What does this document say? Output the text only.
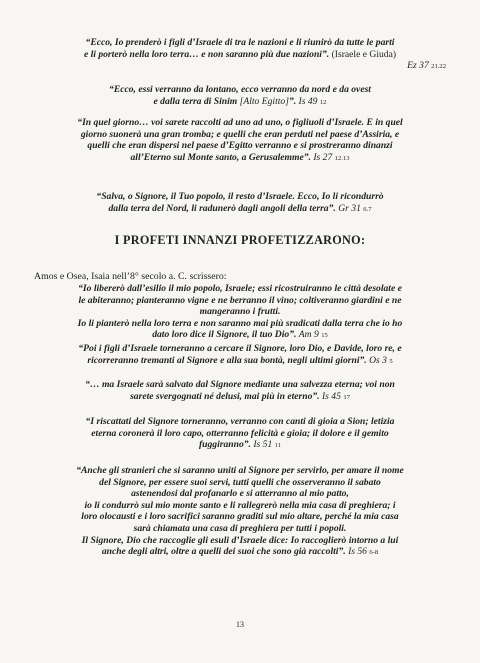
“Ecco, Io prenderò i figli d’Israele di tra le nazioni e li riunirò da tutte le parti
e li porterò nella loro terra… e non saranno più due nazioni”. (Israele e Giuda)
Ez 37 21.22

“Ecco, essi verranno da lontano, ecco verranno da nord e da ovest
e dalla terra di Sinim [Alto Egitto]”. Is 49 12

“In quel giorno… voi sarete raccolti ad uno ad uno, o figliuoli d’Israele. E in quel
giorno suonerà una gran tromba; e quelli che eran perduti nel paese d’Assiria, e
quelli che eran dispersi nel paese d’Egitto verranno e si prostreranno dinanzi
all’Eterno sul Monte santo, a Gerusalemme”. Is 27 12.13

“Salva, o Signore, il Tuo popolo, il resto d’Israele. Ecco, Io li ricondurrò
dalla terra del Nord, li radunerò dagli angoli della terra”. Gr 31 6.7

I PROFETI INNANZI PROFETIZZARONO:

Amos e Osea, Isaia nell’8° secolo a. C. scrissero:

“Io libererò dall’esilio il mio popolo, Israele; essi ricostruiranno le città desolate e
le abiteranno; pianteranno vigne e ne berranno il vino; coltiveranno giardini e ne
mangeranno i frutti.
Io li pianterò nella loro terra e non saranno mai più sradicati dalla terra che io ho
dato loro dice il Signore, il tuo Dio”. Am 9 15

“Poi i figli d’Israele torneranno a cercare il Signore, loro Dio, e Davide, loro re, e
ricorreranno tremanti al Signore e alla sua bontà, negli ultimi giorni”. Os 3 5

“… ma Israele sarà salvato dal Signore mediante una salvezza eterna; voi non
sarete svergognati né delusi, mai più in eterno”. Is 45 17

“I riscattati del Signore torneranno, verranno con canti di gioia a Sion; letizia
eterna coronerà il loro capo, otterranno felicità e gioia; il dolore e il gemito
fuggiranno”. Is 51 11

“Anche gli stranieri che si saranno uniti al Signore per servirlo, per amare il nome
del Signore, per essere suoi servi, tutti quelli che osserveranno il sabato
astenendosi dal profanarlo e si atterranno al mio patto,
io li condurrò sul mio monte santo e li rallegrerò nella mia casa di preghiera; i
loro olocausti e i loro sacrifici saranno graditi sul mio altare, perché la mia casa
sarà chiamata una casa di preghiera per tutti i popoli.
Il Signore, Dio che raccoglie gli esuli d’Israele dice: Io raccoglierò intorno a lui
anche degli altri, oltre a quelli dei suoi che sono già raccolti”. Is 56 6-8

13
